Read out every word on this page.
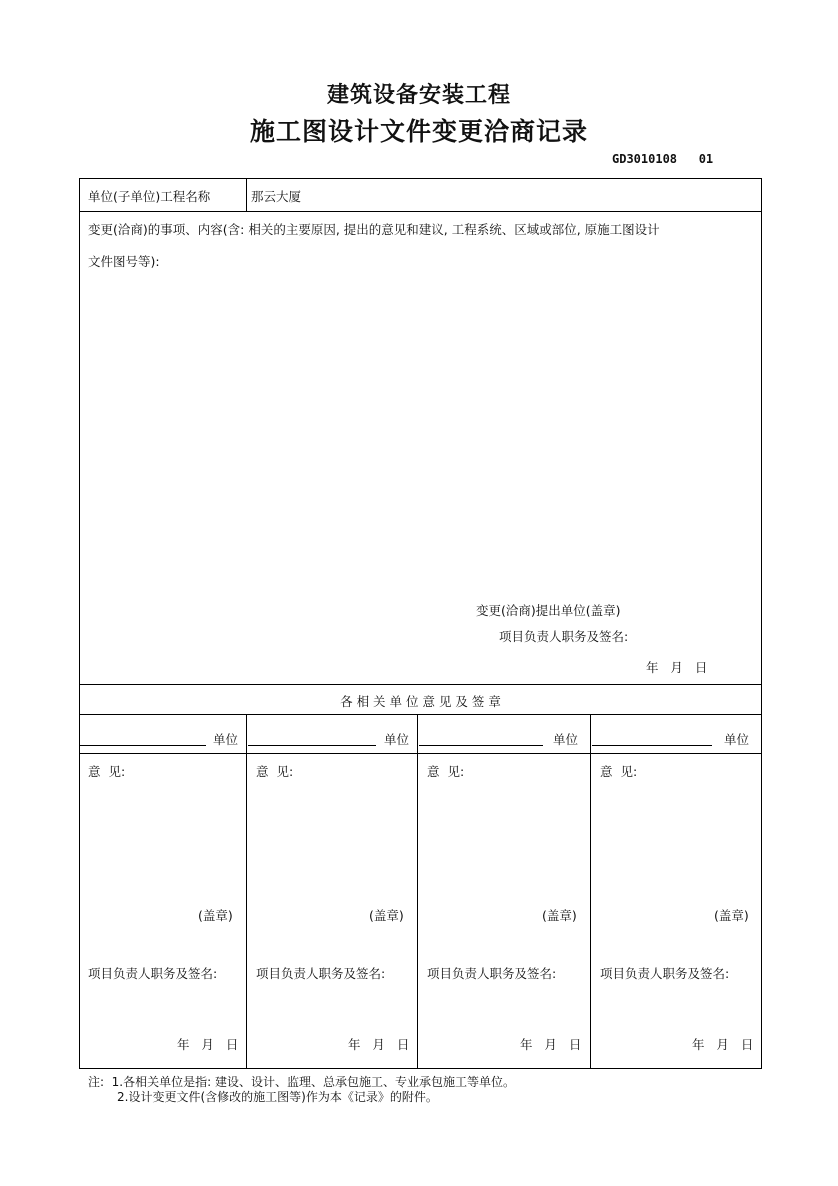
建筑设备安装工程
施工图设计文件变更洽商记录
GD3010108   01
单位(子单位)工程名称	那云大厦
变更(洽商)的事项、内容(含: 相关的主要原因, 提出的意见和建议, 工程系统、区域或部位, 原施工图设计
文件图号等):
变更(洽商)提出单位(盖章)
项目负责人职务及签名:
年   月   日
各 相 关 单 位 意 见 及 签 章
单位
意  见:
(盖章)
项目负责人职务及签名:
年   月   日
单位
意  见:
(盖章)
项目负责人职务及签名:
年   月   日
单位
意  见:
(盖章)
项目负责人职务及签名:
年   月   日
单位
意  见:
(盖章)
项目负责人职务及签名:
年   月   日
注:  1.各相关单位是指: 建设、设计、监理、总承包施工、专业承包施工等单位。
2.设计变更文件(含修改的施工图等)作为本《记录》的附件。
